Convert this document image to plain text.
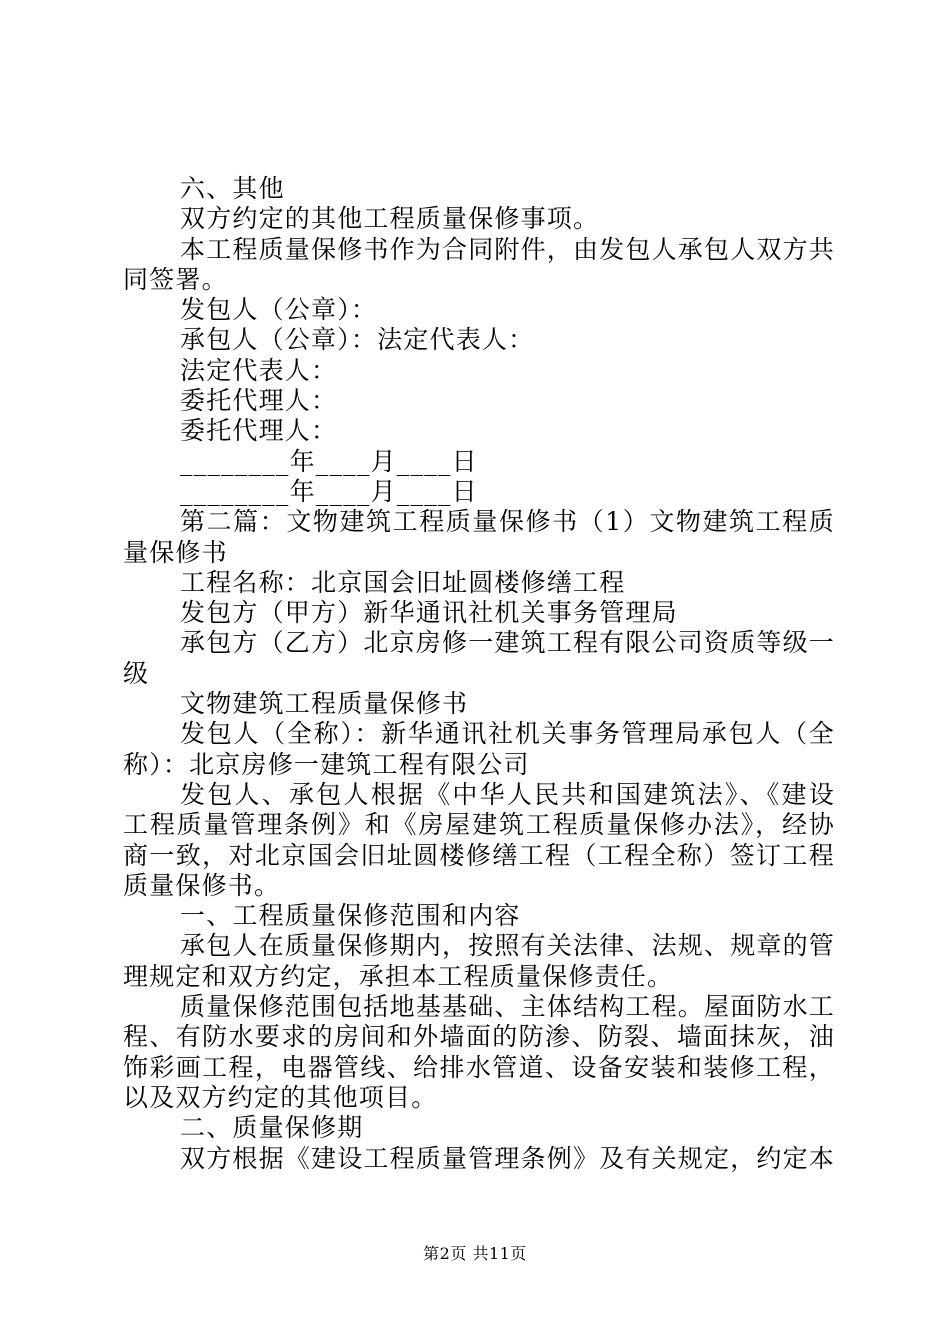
六、其他

双方约定的其他工程质量保修事项。

本工程质量保修书作为合同附件，由发包人承包人双方共同签署。

发包人（公章）：

承包人（公章）：法定代表人：

法定代表人：

委托代理人：

委托代理人：

________年____月____日

________年____月____日

第二篇：文物建筑工程质量保修书（1）文物建筑工程质量保修书

工程名称：北京国会旧址圆楼修缮工程

发包方（甲方）新华通讯社机关事务管理局

承包方（乙方）北京房修一建筑工程有限公司资质等级一级

文物建筑工程质量保修书

发包人（全称）：新华通讯社机关事务管理局承包人（全称）：北京房修一建筑工程有限公司

发包人、承包人根据《中华人民共和国建筑法》、《建设工程质量管理条例》和《房屋建筑工程质量保修办法》，经协商一致，对北京国会旧址圆楼修缮工程（工程全称）签订工程质量保修书。

一、工程质量保修范围和内容

承包人在质量保修期内，按照有关法律、法规、规章的管理规定和双方约定，承担本工程质量保修责任。

质量保修范围包括地基基础、主体结构工程。屋面防水工程、有防水要求的房间和外墙面的防渗、防裂、墙面抹灰，油饰彩画工程，电器管线、给排水管道、设备安装和装修工程，以及双方约定的其他项目。

二、质量保修期

双方根据《建设工程质量管理条例》及有关规定，约定本

第2页 共11页
